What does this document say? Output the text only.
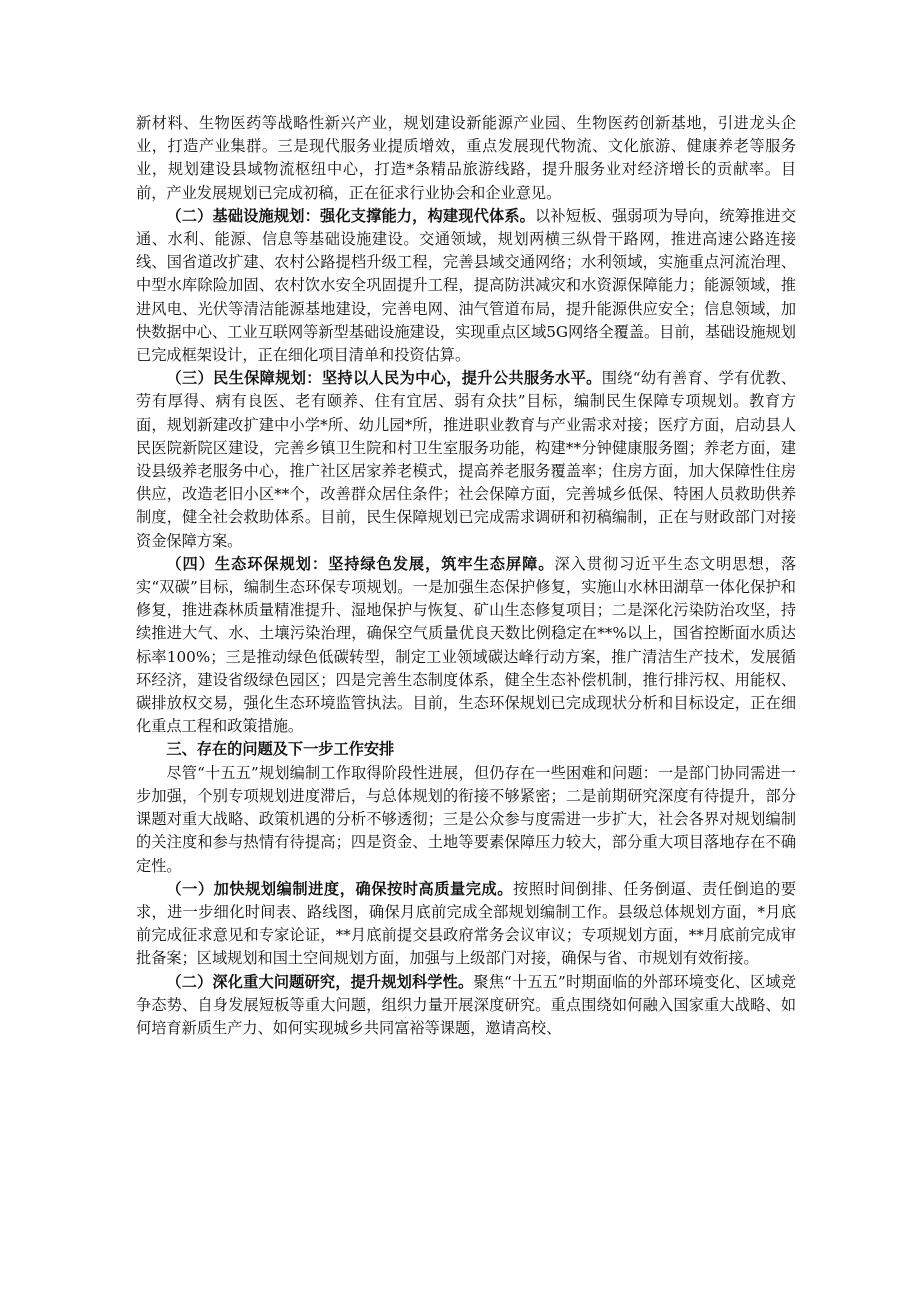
新材料、生物医药等战略性新兴产业，规划建设新能源产业园、生物医药创新基地，引进龙头企业，打造产业集群。三是现代服务业提质增效，重点发展现代物流、文化旅游、健康养老等服务业，规划建设县域物流枢纽中心，打造*条精品旅游线路，提升服务业对经济增长的贡献率。目前，产业发展规划已完成初稿，正在征求行业协会和企业意见。

（二）基础设施规划：强化支撑能力，构建现代体系。以补短板、强弱项为导向，统筹推进交通、水利、能源、信息等基础设施建设。交通领域，规划两横三纵骨干路网，推进高速公路连接线、国省道改扩建、农村公路提档升级工程，完善县域交通网络；水利领域，实施重点河流治理、中型水库除险加固、农村饮水安全巩固提升工程，提高防洪减灾和水资源保障能力；能源领域，推进风电、光伏等清洁能源基地建设，完善电网、油气管道布局，提升能源供应安全；信息领域，加快数据中心、工业互联网等新型基础设施建设，实现重点区域5G网络全覆盖。目前，基础设施规划已完成框架设计，正在细化项目清单和投资估算。

（三）民生保障规划：坚持以人民为中心，提升公共服务水平。围绕“幼有善育、学有优教、劳有厚得、病有良医、老有颐养、住有宜居、弱有众扶”目标，编制民生保障专项规划。教育方面，规划新建改扩建中小学*所、幼儿园*所，推进职业教育与产业需求对接；医疗方面，启动县人民医院新院区建设，完善乡镇卫生院和村卫生室服务功能，构建**分钟健康服务圈；养老方面，建设县级养老服务中心，推广社区居家养老模式，提高养老服务覆盖率；住房方面，加大保障性住房供应，改造老旧小区**个，改善群众居住条件；社会保障方面，完善城乡低保、特困人员救助供养制度，健全社会救助体系。目前，民生保障规划已完成需求调研和初稿编制，正在与财政部门对接资金保障方案。

（四）生态环保规划：坚持绿色发展，筑牢生态屏障。深入贯彻习近平生态文明思想，落实“双碳”目标，编制生态环保专项规划。一是加强生态保护修复，实施山水林田湖草一体化保护和修复，推进森林质量精准提升、湿地保护与恢复、矿山生态修复项目；二是深化污染防治攻坚，持续推进大气、水、土壤污染治理，确保空气质量优良天数比例稳定在**%以上，国省控断面水质达标率100%；三是推动绿色低碳转型，制定工业领域碳达峰行动方案，推广清洁生产技术，发展循环经济，建设省级绿色园区；四是完善生态制度体系，健全生态补偿机制，推行排污权、用能权、碳排放权交易，强化生态环境监管执法。目前，生态环保规划已完成现状分析和目标设定，正在细化重点工程和政策措施。

三、存在的问题及下一步工作安排

尽管“十五五”规划编制工作取得阶段性进展，但仍存在一些困难和问题：一是部门协同需进一步加强，个别专项规划进度滞后，与总体规划的衔接不够紧密；二是前期研究深度有待提升，部分课题对重大战略、政策机遇的分析不够透彻；三是公众参与度需进一步扩大，社会各界对规划编制的关注度和参与热情有待提高；四是资金、土地等要素保障压力较大，部分重大项目落地存在不确定性。

（一）加快规划编制进度，确保按时高质量完成。按照时间倒排、任务倒逼、责任倒追的要求，进一步细化时间表、路线图，确保月底前完成全部规划编制工作。县级总体规划方面，*月底前完成征求意见和专家论证，**月底前提交县政府常务会议审议；专项规划方面，**月底前完成审批备案；区域规划和国土空间规划方面，加强与上级部门对接，确保与省、市规划有效衔接。

（二）深化重大问题研究，提升规划科学性。聚焦“十五五”时期面临的外部环境变化、区域竞争态势、自身发展短板等重大问题，组织力量开展深度研究。重点围绕如何融入国家重大战略、如何培育新质生产力、如何实现城乡共同富裕等课题，邀请高校、
